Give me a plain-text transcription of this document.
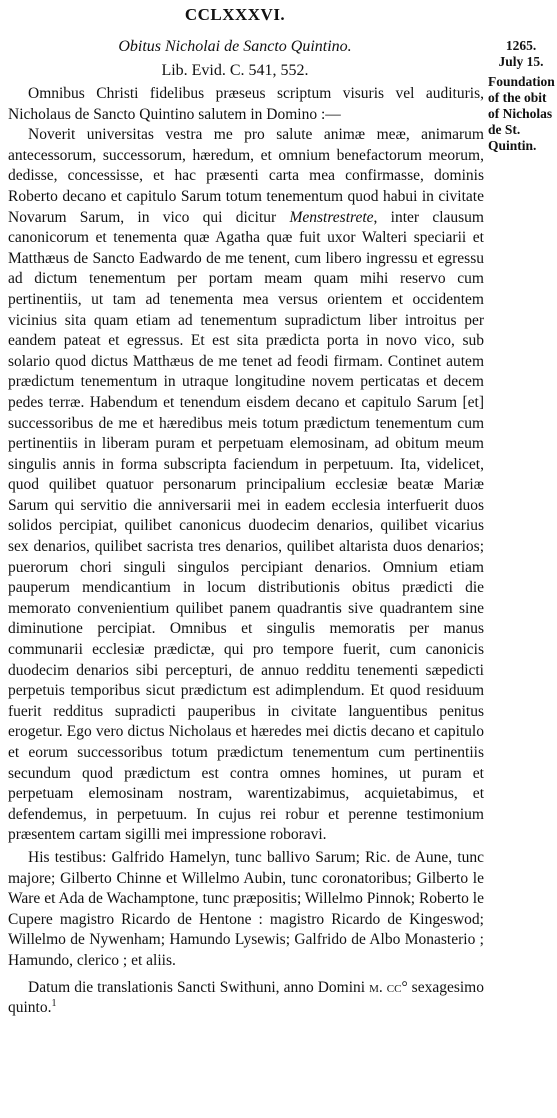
CCLXXXVI.
Obitus Nicholai de Sancto Quintino.
Lib. Evid. C. 541, 552.
1265.
July 15.
Foundation of the obit of Nicholas de St. Quintin.

Omnibus Christi fidelibus præseus scriptum visuris vel audituris, Nicholaus de Sancto Quintino salutem in Domino :—

Noverit universitas vestra me pro salute animæ meæ, animarum antecessorum, successorum, hæredum, et omnium benefactorum meorum, dedisse, concessisse, et hac præsenti carta mea confirmasse, dominis Roberto decano et capitulo Sarum totum tenementum quod habui in civitate Novarum Sarum, in vico qui dicitur Menstrestrete, inter clausum canonicorum et tenementa quæ Agatha quæ fuit uxor Walteri speciarii et Matthæus de Sancto Eadwardo de me tenent, cum libero ingressu et egressu ad dictum tenementum per portam meam quam mihi reservo cum pertinentiis, ut tam ad tenementa mea versus orientem et occidentem vicinius sita quam etiam ad tenementum supradictum liber introitus per eandem pateat et egressus. Et est sita prædicta porta in novo vico, sub solario quod dictus Matthæus de me tenet ad feodi firmam. Continet autem prædictum tenementum in utraque longitudine novem perticatas et decem pedes terræ. Habendum et tenendum eisdem decano et capitulo Sarum [et] successoribus de me et hæredibus meis totum prædictum tenementum cum pertinentiis in liberam puram et perpetuam elemosinam, ad obitum meum singulis annis in forma subscripta faciendum in perpetuum. Ita, videlicet, quod quilibet quatuor personarum principalium ecclesiæ beatæ Mariæ Sarum qui servitio die anniversarii mei in eadem ecclesia interfuerit duos solidos percipiat, quilibet canonicus duodecim denarios, quilibet vicarius sex denarios, quilibet sacrista tres denarios, quilibet altarista duos denarios; puerorum chori singuli singulos percipiant denarios. Omnium etiam pauperum mendicantium in locum distributionis obitus prædicti die memorato convenientium quilibet panem quadrantis sive quadrantem sine diminutione percipiat. Omnibus et singulis memoratis per manus communarii ecclesiæ prædictæ, qui pro tempore fuerit, cum canonicis duodecim denarios sibi percepturi, de annuo redditu tenementi sæpedicti perpetuis temporibus sicut prædictum est adimplendum. Et quod residuum fuerit redditus supradicti pauperibus in civitate languentibus penitus erogetur. Ego vero dictus Nicholaus et hæredes mei dictis decano et capitulo et eorum successoribus totum prædictum tenementum cum pertinentiis secundum quod prædictum est contra omnes homines, ut puram et perpetuam elemosinam nostram, warentizabimus, acquietabimus, et defendemus, in perpetuum. In cujus rei robur et perenne testimonium præsentem cartam sigilli mei impressione roboravi.

His testibus: Galfrido Hamelyn, tunc ballivo Sarum; Ric. de Aune, tunc majore; Gilberto Chinne et Willelmo Aubin, tunc coronatoribus; Gilberto le Ware et Ada de Wachamptone, tunc præpositis; Willelmo Pinnok; Roberto le Cupere magistro Ricardo de Hentone : magistro Ricardo de Kingeswod; Willelmo de Nywenham; Hamundo Lysewis; Galfrido de Albo Monasterio ; Hamundo, clerico ; et aliis.

Datum die translationis Sancti Swithuni, anno Domini m. cc° sexagesimo quinto.$^1$
